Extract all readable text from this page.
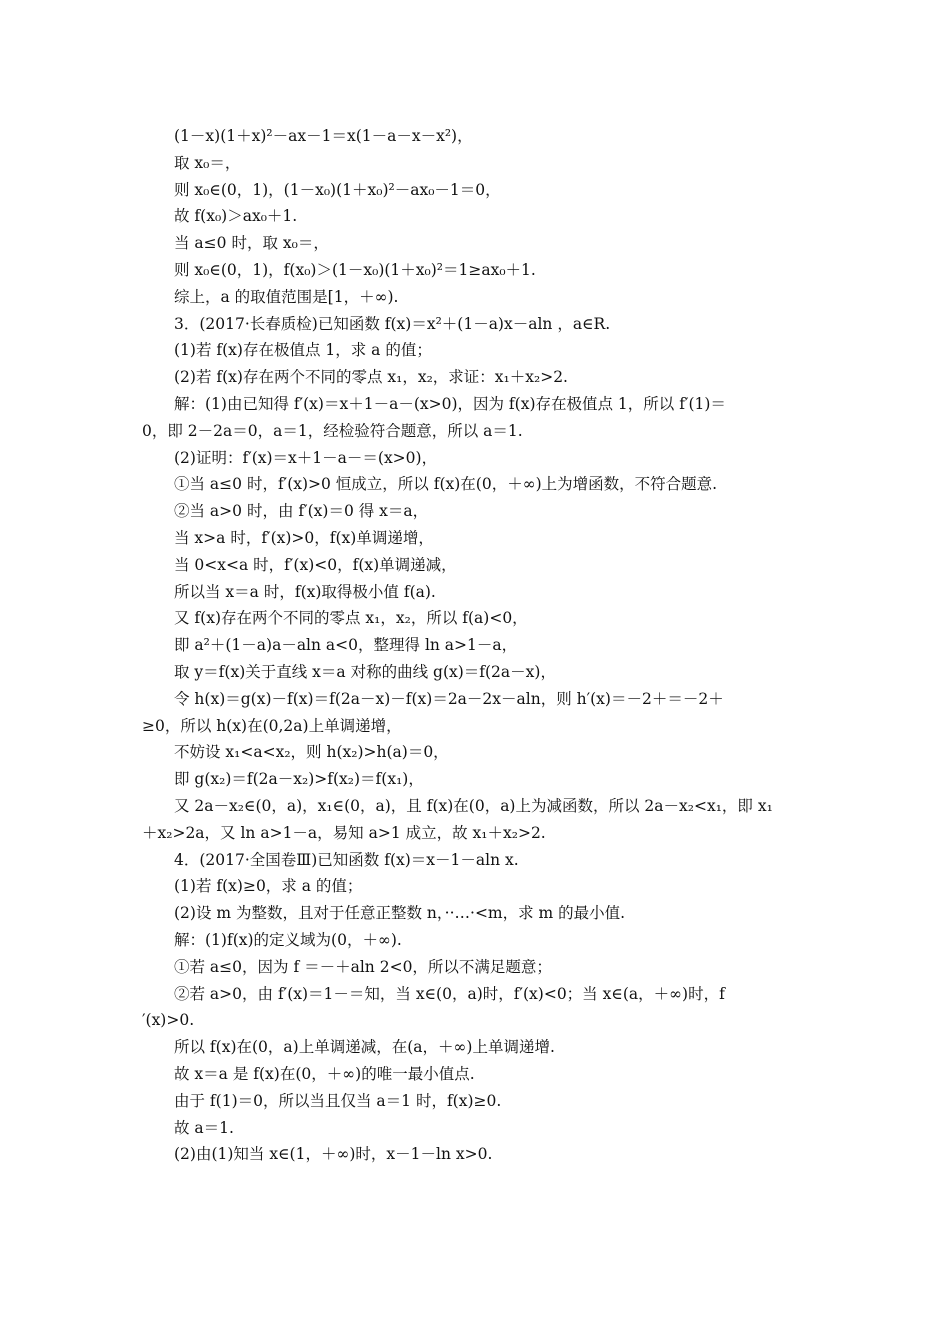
(1－x)(1＋x)²－ax－1＝x(1－a－x－x²)，
取 x₀＝，
则 x₀∈(0，1)，(1－x₀)(1＋x₀)²－ax₀－1＝0，
故 f(x₀)＞ax₀＋1.
当 a≤0 时，取 x₀＝，
则 x₀∈(0，1)，f(x₀)＞(1－x₀)(1＋x₀)²＝1≥ax₀＋1.
综上，a 的取值范围是[1，＋∞).
3．(2017·长春质检)已知函数 f(x)＝x²＋(1－a)x－aln ，a∈R.
(1)若 f(x)存在极值点 1，求 a 的值；
(2)若 f(x)存在两个不同的零点 x₁，x₂，求证：x₁＋x₂>2.
解：(1)由已知得 f′(x)＝x＋1－a－(x>0)，因为 f(x)存在极值点 1，所以 f′(1)＝
0，即 2－2a＝0，a＝1，经检验符合题意，所以 a＝1.
(2)证明：f′(x)＝x＋1－a－＝(x>0)，
①当 a≤0 时，f′(x)>0 恒成立，所以 f(x)在(0，＋∞)上为增函数，不符合题意.
②当 a>0 时，由 f′(x)＝0 得 x＝a，
当 x>a 时，f′(x)>0，f(x)单调递增，
当 0<x<a 时，f′(x)<0，f(x)单调递减，
所以当 x＝a 时，f(x)取得极小值 f(a).
又 f(x)存在两个不同的零点 x₁，x₂，所以 f(a)<0，
即 a²＋(1－a)a－aln a<0，整理得 ln a>1－a，
取 y＝f(x)关于直线 x＝a 对称的曲线 g(x)＝f(2a－x)，
令 h(x)＝g(x)－f(x)＝f(2a－x)－f(x)＝2a－2x－aln，则 h′(x)＝－2＋＝－2＋
≥0，所以 h(x)在(0,2a)上单调递增，
不妨设 x₁<a<x₂，则 h(x₂)>h(a)＝0，
即 g(x₂)＝f(2a－x₂)>f(x₂)＝f(x₁)，
又 2a－x₂∈(0，a)，x₁∈(0，a)，且 f(x)在(0，a)上为减函数，所以 2a－x₂<x₁，即 x₁
＋x₂>2a，又 ln a>1－a，易知 a>1 成立，故 x₁＋x₂>2.
4．(2017·全国卷Ⅲ)已知函数 f(x)＝x－1－aln x.
(1)若 f(x)≥0，求 a 的值；
(2)设 m 为整数，且对于任意正整数 n，··…·<m，求 m 的最小值.
解：(1)f(x)的定义域为(0，＋∞).
①若 a≤0，因为 f ＝－＋aln 2<0，所以不满足题意；
②若 a>0，由 f′(x)＝1－＝知，当 x∈(0，a)时，f′(x)<0；当 x∈(a，＋∞)时，f
′(x)>0.
所以 f(x)在(0，a)上单调递减，在(a，＋∞)上单调递增.
故 x＝a 是 f(x)在(0，＋∞)的唯一最小值点.
由于 f(1)＝0，所以当且仅当 a＝1 时，f(x)≥0.
故 a＝1.
(2)由(1)知当 x∈(1，＋∞)时，x－1－ln x>0.
